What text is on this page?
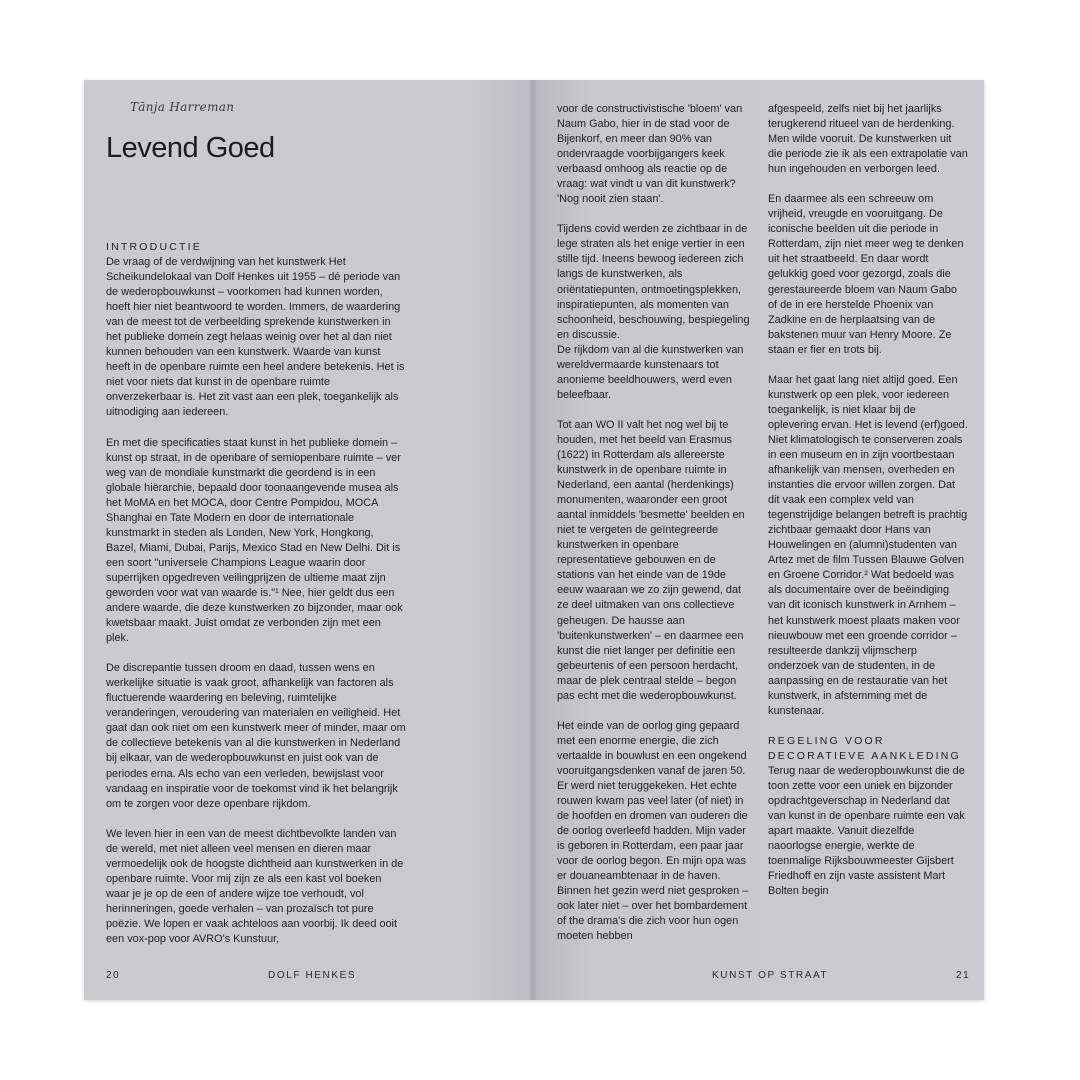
Tānja Harreman
Levend Goed
INTRODUCTIE

De vraag of de verdwijning van het kunstwerk Het Scheikundelokaal van Dolf Henkes uit 1955 – dé periode van de wederopbouwkunst – voorkomen had kunnen worden, hoeft hier niet beantwoord te worden. Immers, de waardering van de meest tot de verbeelding sprekende kunstwerken in het publieke domein zegt helaas weinig over het al dan niet kunnen behouden van een kunstwerk. Waarde van kunst heeft in de openbare ruimte een heel andere betekenis. Het is niet voor niets dat kunst in de openbare ruimte onverzekerbaar is. Het zit vast aan een plek, toegankelijk als uitnodiging aan iedereen.

En met die specificaties staat kunst in het publieke domein – kunst op straat, in de openbare of semiopenbare ruimte – ver weg van de mondiale kunstmarkt die geordend is in een globale hiërarchie, bepaald door toonaangevende musea als het MoMA en het MOCA, door Centre Pompidou, MOCA Shanghai en Tate Modern en door de internationale kunstmarkt in steden als Londen, New York, Hongkong, Bazel, Miami, Dubai, Parijs, Mexico Stad en New Delhi. Dit is een soort "universele Champions League waarin door superrijken opgedreven veilingprijzen de ultieme maat zijn geworden voor wat van waarde is."¹ Nee, hier geldt dus een andere waarde, die deze kunstwerken zo bijzonder, maar ook kwetsbaar maakt. Juist omdat ze verbonden zijn met een plek.

De discrepantie tussen droom en daad, tussen wens en werkelijke situatie is vaak groot, afhankelijk van factoren als fluctuerende waardering en beleving, ruimtelijke veranderingen, veroudering van materialen en veiligheid. Het gaat dan ook niet om een kunstwerk meer of minder, maar om de collectieve betekenis van al die kunstwerken in Nederland bij elkaar, van de wederopbouwkunst en juist ook van de periodes erna. Als echo van een verleden, bewijslast voor vandaag en inspiratie voor de toekomst vind ik het belangrijk om te zorgen voor deze openbare rijkdom.

We leven hier in een van de meest dichtbevolkte landen van de wereld, met niet alleen veel mensen en dieren maar vermoedelijk ook de hoogste dichtheid aan kunstwerken in de openbare ruimte. Voor mij zijn ze als een kast vol boeken waar je je op de een of andere wijze toe verhoudt, vol herinneringen, goede verhalen – van prozaïsch tot pure poëzie. We lopen er vaak achteloos aan voorbij. Ik deed ooit een vox-pop voor AVRO's Kunstuur,

20	DOLF HENKES

voor de constructivistische 'bloem' van Naum Gabo, hier in de stad voor de Bijenkorf, en meer dan 90% van ondervraagde voorbijgangers keek verbaasd omhoog als reactie op de vraag: wat vindt u van dit kunstwerk? 'Nog nooit zien staan'.

Tijdens covid werden ze zichtbaar in de lege straten als het enige vertier in een stille tijd. Ineens bewoog iedereen zich langs de kunstwerken, als oriëntatiepunten, ontmoetingsplekken, inspiratiepunten, als momenten van schoonheid, beschouwing, bespiegeling en discussie.

De rijkdom van al die kunstwerken van wereldvermaarde kunstenaars tot anonieme beeldhouwers, werd even beleefbaar.

Tot aan WO II valt het nog wel bij te houden, met het beeld van Erasmus (1622) in Rotterdam als allereerste kunstwerk in de openbare ruimte in Nederland, een aantal (herdenkings) monumenten, waaronder een groot aantal inmiddels 'besmette' beelden en niet te vergeten de geïntegreerde kunstwerken in openbare representatieve gebouwen en de stations van het einde van de 19de eeuw waaraan we zo zijn gewend, dat ze deel uitmaken van ons collectieve geheugen. De hausse aan 'buitenkunstwerken' – en daarmee een kunst die niet langer per definitie een gebeurtenis of een persoon herdacht, maar de plek centraal stelde – begon pas echt met die wederopbouwkunst.

Het einde van de oorlog ging gepaard met een enorme energie, die zich vertaalde in bouwlust en een ongekend vooruitgangsdenken vanaf de jaren 50. Er werd niet teruggekeken. Het echte rouwen kwam pas veel later (of niet) in de hoofden en dromen van ouderen die de oorlog overleefd hadden. Mijn vader is geboren in Rotterdam, een paar jaar voor de oorlog begon. En mijn opa was er douaneambtenaar in de haven. Binnen het gezin werd niet gesproken – ook later niet – over het bombardement of the drama's die zich voor hun ogen moeten hebben

afgespeeld, zelfs niet bij het jaarlijks terugkerend ritueel van de herdenking. Men wilde vooruit. De kunstwerken uit die periode zie ik als een extrapolatie van hun ingehouden en verborgen leed.

En daarmee als een schreeuw om vrijheid, vreugde en vooruitgang. De iconische beelden uit die periode in Rotterdam, zijn niet meer weg te denken uit het straatbeeld. En daar wordt gelukkig goed voor gezorgd, zoals die gerestaureerde bloem van Naum Gabo of de in ere herstelde Phoenix van Zadkine en de herplaatsing van de bakstenen muur van Henry Moore. Ze staan er fier en trots bij.

Maar het gaat lang niet altijd goed. Een kunstwerk op een plek, voor iedereen toegankelijk, is niet klaar bij de oplevering ervan. Het is levend (erf)goed. Niet klimatologisch te conserveren zoals in een museum en in zijn voortbestaan afhankelijk van mensen, overheden en instanties die ervoor willen zorgen. Dat dit vaak een complex veld van tegenstrijdige belangen betreft is prachtig zichtbaar gemaakt door Hans van Houwelingen en (alumni)studenten van Artez met de film Tussen Blauwe Golven en Groene Corridor.² Wat bedoeld was als documentaire over de beëindiging van dit iconisch kunstwerk in Arnhem – het kunstwerk moest plaats maken voor nieuwbouw met een groende corridor – resulteerde dankzij vlijmscherp onderzoek van de studenten, in de aanpassing en de restauratie van het kunstwerk, in afstemming met de kunstenaar.

REGELING VOOR
DECORATIEVE AANKLEDING

Terug naar de wederopbouwkunst die de toon zette voor een uniek en bijzonder opdrachtgeverschap in Nederland dat van kunst in de openbare ruimte een vak apart maakte. Vanuit diezelfde naoorlogse energie, werkte de toenmalige Rijksbouwmeester Gijsbert Friedhoff en zijn vaste assistent Mart Bolten begin

KUNST OP STRAAT	21
